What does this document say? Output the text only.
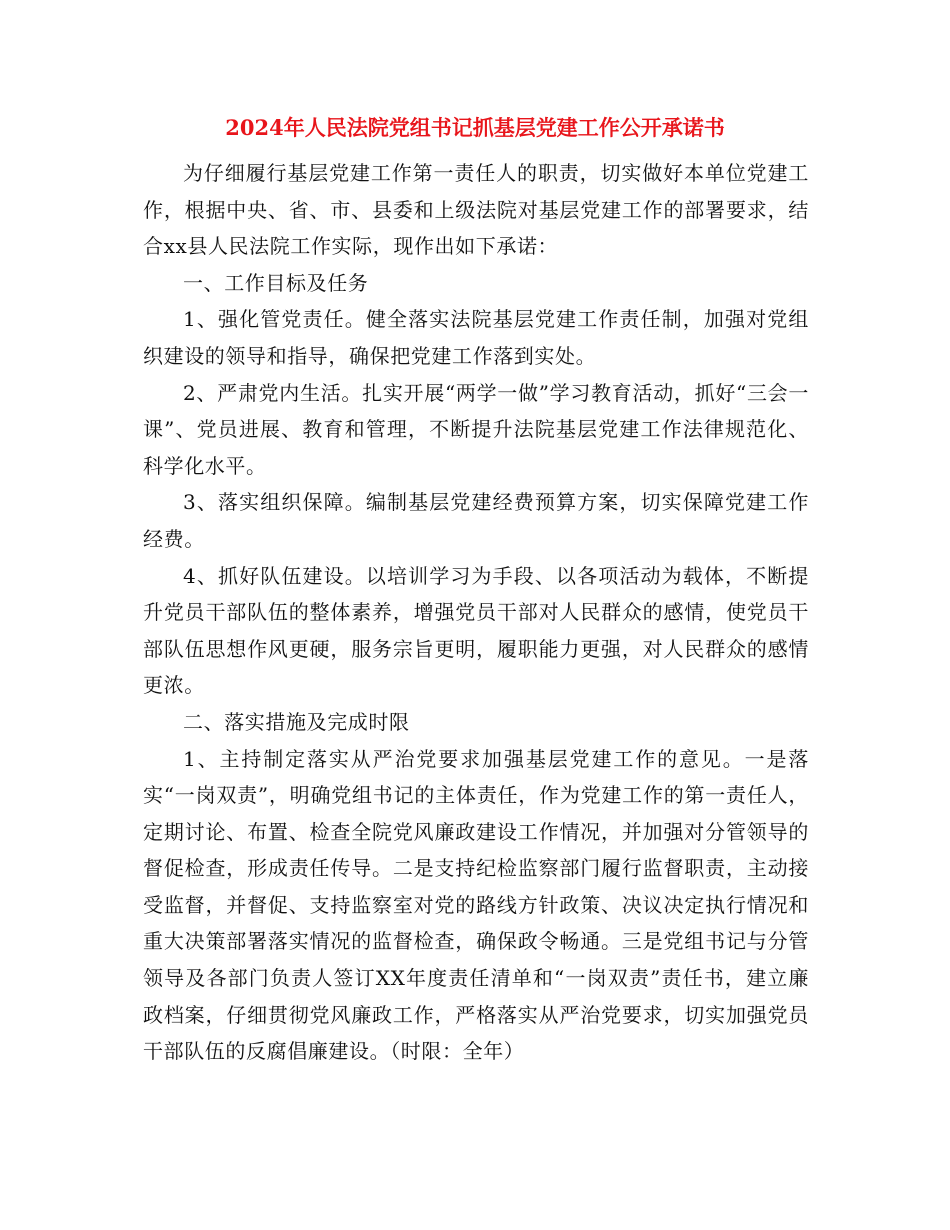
2024年人民法院党组书记抓基层党建工作公开承诺书

为仔细履行基层党建工作第一责任人的职责，切实做好本单位党建工作，根据中央、省、市、县委和上级法院对基层党建工作的部署要求，结合xx县人民法院工作实际，现作出如下承诺：

一、工作目标及任务

1、强化管党责任。健全落实法院基层党建工作责任制，加强对党组织建设的领导和指导，确保把党建工作落到实处。

2、严肃党内生活。扎实开展“两学一做”学习教育活动，抓好“三会一课”、党员进展、教育和管理，不断提升法院基层党建工作法律规范化、科学化水平。

3、落实组织保障。编制基层党建经费预算方案，切实保障党建工作经费。

4、抓好队伍建设。以培训学习为手段、以各项活动为载体，不断提升党员干部队伍的整体素养，增强党员干部对人民群众的感情，使党员干部队伍思想作风更硬，服务宗旨更明，履职能力更强，对人民群众的感情更浓。

二、落实措施及完成时限

1、主持制定落实从严治党要求加强基层党建工作的意见。一是落实“一岗双责”，明确党组书记的主体责任，作为党建工作的第一责任人，定期讨论、布置、检查全院党风廉政建设工作情况，并加强对分管领导的督促检查，形成责任传导。二是支持纪检监察部门履行监督职责，主动接受监督，并督促、支持监察室对党的路线方针政策、决议决定执行情况和重大决策部署落实情况的监督检查，确保政令畅通。三是党组书记与分管领导及各部门负责人签订XX年度责任清单和“一岗双责”责任书，建立廉政档案，仔细贯彻党风廉政工作，严格落实从严治党要求，切实加强党员干部队伍的反腐倡廉建设。（时限：全年）
